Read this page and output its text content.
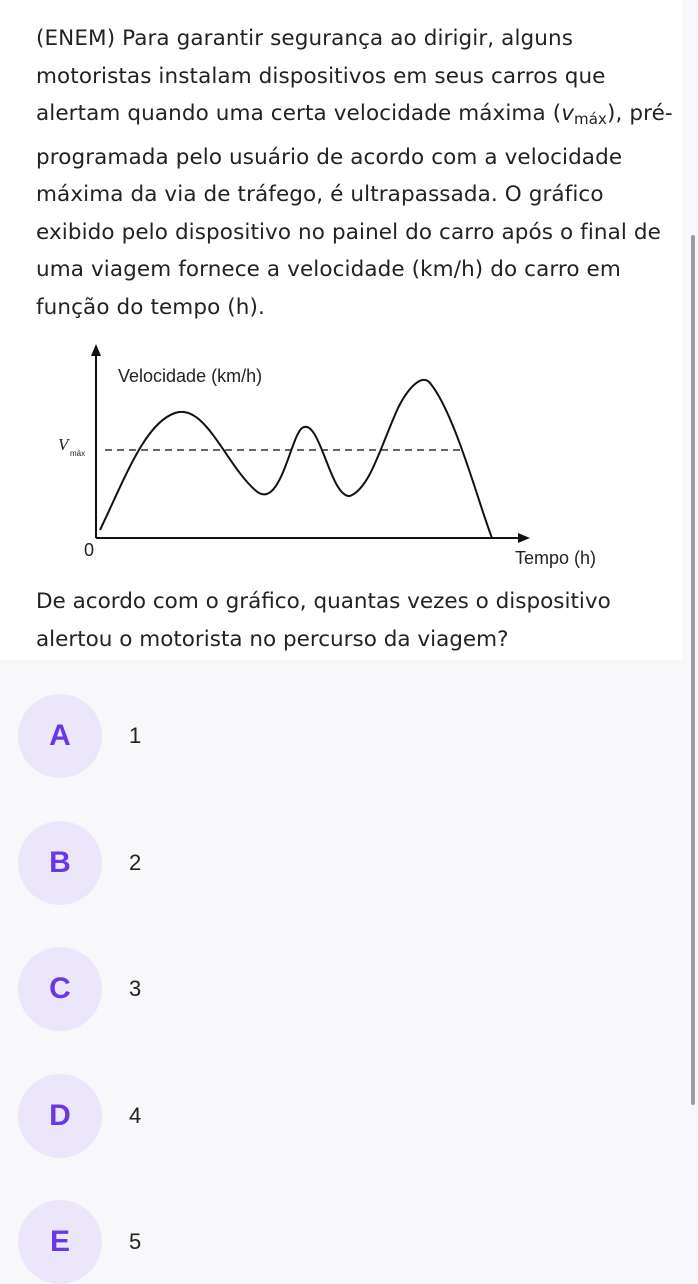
(ENEM) Para garantir segurança ao dirigir, alguns motoristas instalam dispositivos em seus carros que alertam quando uma certa velocidade máxima $(v_{máx})$, pré-programada pelo usuário de acordo com a velocidade máxima da via de tráfego, é ultrapassada. O gráfico exibido pelo dispositivo no painel do carro após o final de uma viagem fornece a velocidade (km/h) do carro em função do tempo (h).

Velocidade (km/h)
Tempo (h)
0
V máx

De acordo com o gráfico, quantas vezes o dispositivo alertou o motorista no percurso da viagem?

A	1
B	2
C	3
D	4
E	5
